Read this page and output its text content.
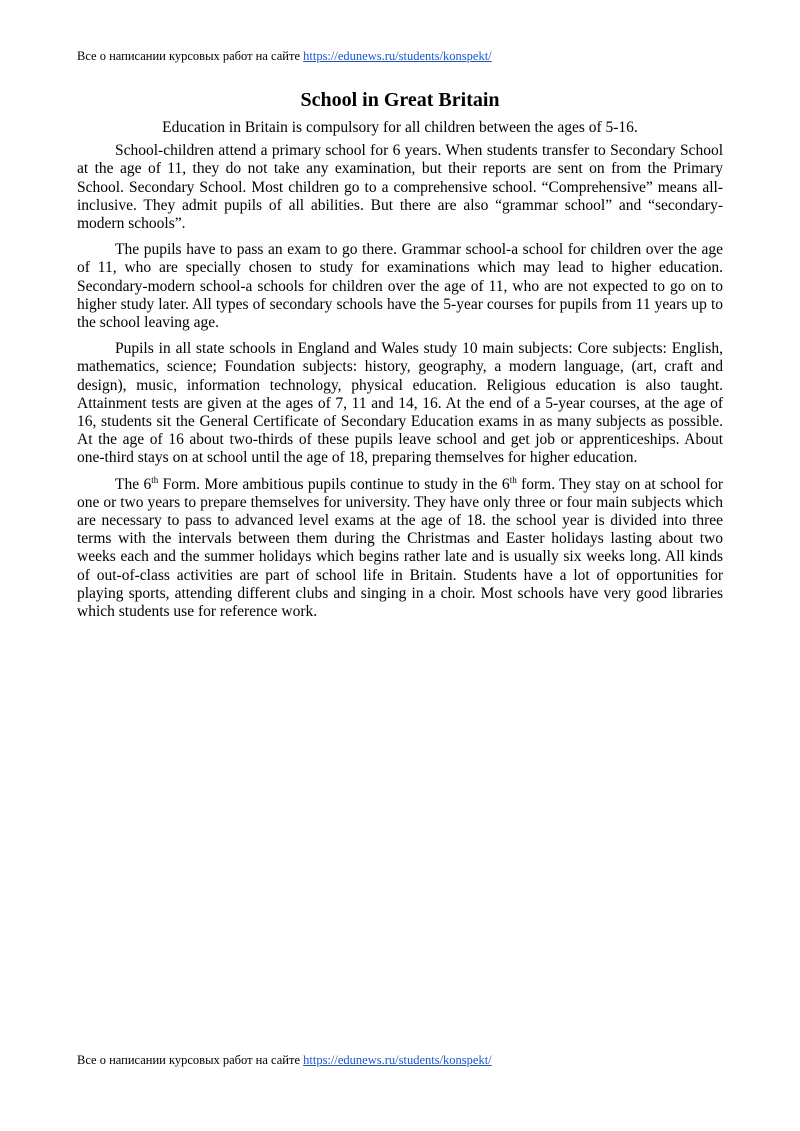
Все о написании курсовых работ на сайте https://edunews.ru/students/konspekt/
School in Great Britain
Education in Britain is compulsory for all children between the ages of 5-16.

School-children attend a primary school for 6 years. When students transfer to Secondary School at the age of 11, they do not take any examination, but their reports are sent on from the Primary School. Secondary School. Most children go to a comprehensive school. “Comprehensive” means all-inclusive. They admit pupils of all abilities. But there are also “grammar school” and “secondary-modern schools”.

The pupils have to pass an exam to go there. Grammar school-a school for children over the age of 11, who are specially chosen to study for examinations which may lead to higher education. Secondary-modern school-a schools for children over the age of 11, who are not expected to go on to higher study later. All types of secondary schools have the 5-year courses for pupils from 11 years up to the school leaving age.

Pupils in all state schools in England and Wales study 10 main subjects: Core subjects: English, mathematics, science; Foundation subjects: history, geography, a modern language, (art, craft and design), music, information technology, physical education. Religious education is also taught. Attainment tests are given at the ages of 7, 11 and 14, 16. At the end of a 5-year courses, at the age of 16, students sit the General Certificate of Secondary Education exams in as many subjects as possible. At the age of 16 about two-thirds of these pupils leave school and get job or apprenticeships. About one-third stays on at school until the age of 18, preparing themselves for higher education.

The 6th Form. More ambitious pupils continue to study in the 6th form. They stay on at school for one or two years to prepare themselves for university. They have only three or four main subjects which are necessary to pass to advanced level exams at the age of 18. the school year is divided into three terms with the intervals between them during the Christmas and Easter holidays lasting about two weeks each and the summer holidays which begins rather late and is usually six weeks long. All kinds of out-of-class activities are part of school life in Britain. Students have a lot of opportunities for playing sports, attending different clubs and singing in a choir. Most schools have very good libraries which students use for reference work.

Все о написании курсовых работ на сайте https://edunews.ru/students/konspekt/
